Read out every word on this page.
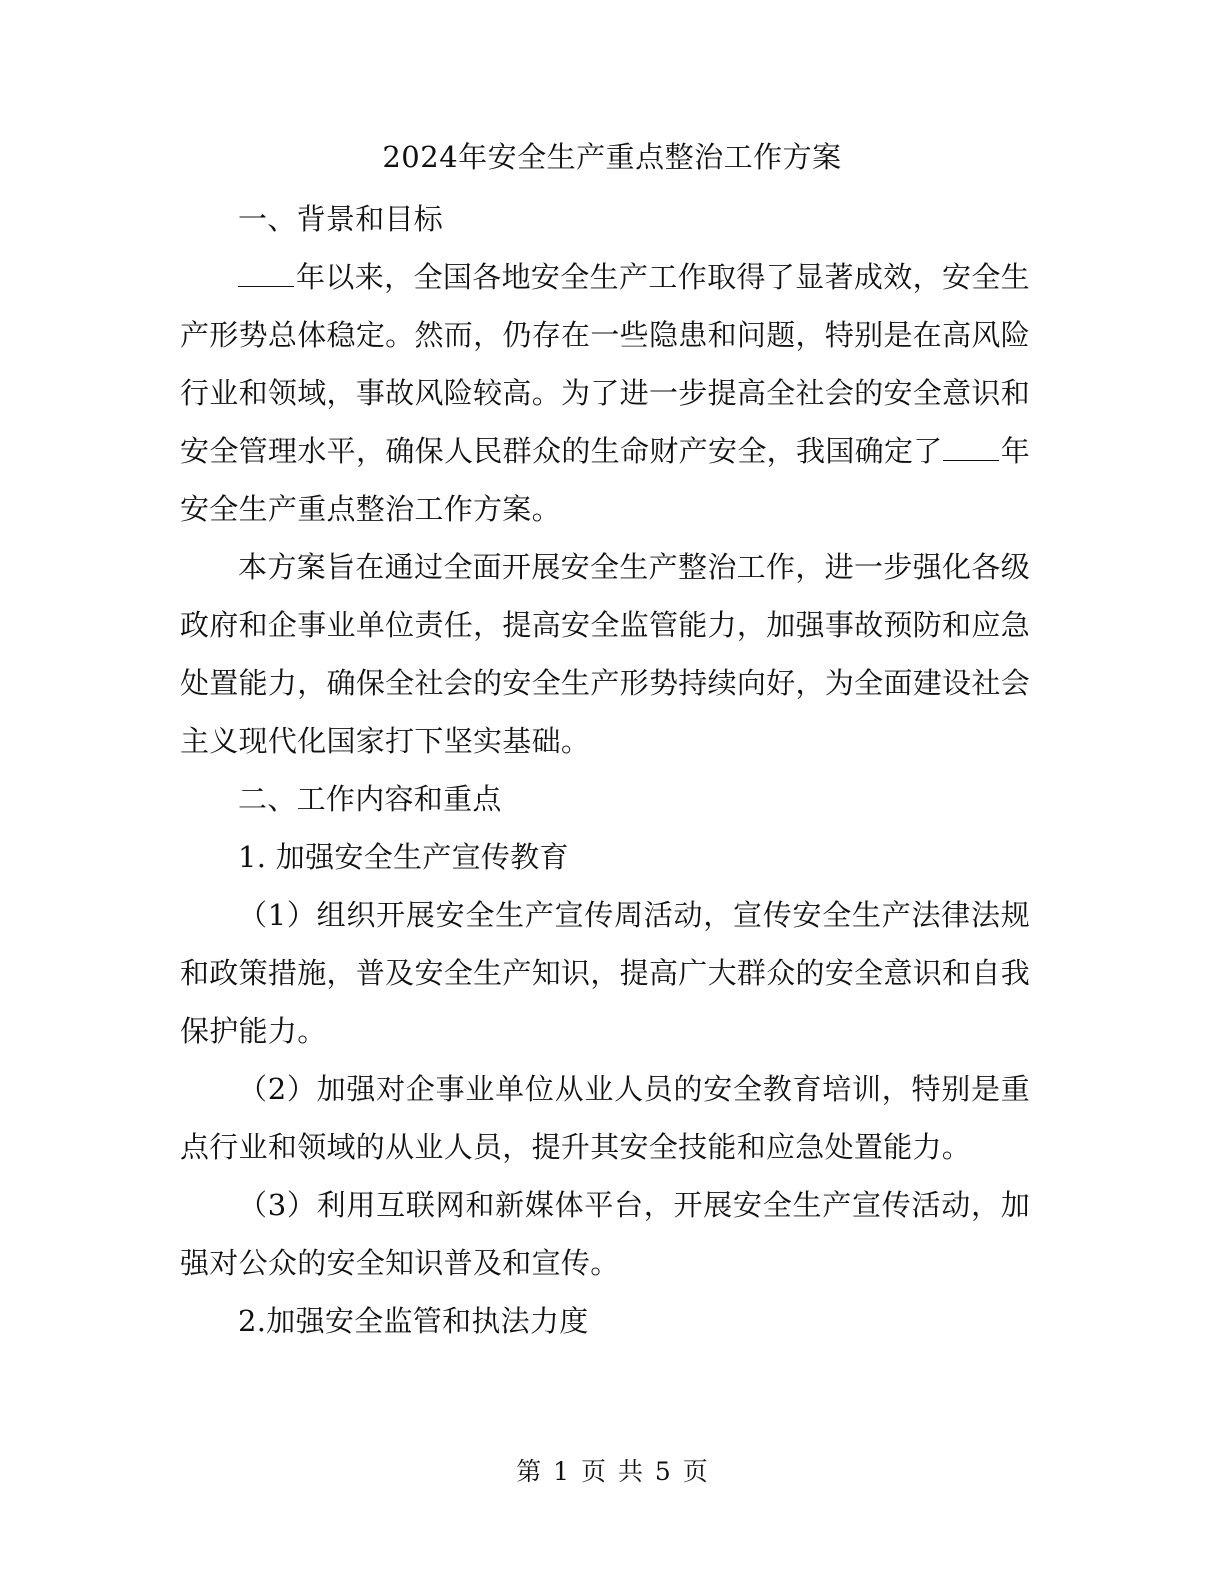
2024年安全生产重点整治工作方案

一、背景和目标

年以来，全国各地安全生产工作取得了显著成效，安全生产形势总体稳定。然而，仍存在一些隐患和问题，特别是在高风险行业和领域，事故风险较高。为了进一步提高全社会的安全意识和安全管理水平，确保人民群众的生命财产安全，我国确定了 年安全生产重点整治工作方案。

本方案旨在通过全面开展安全生产整治工作，进一步强化各级政府和企事业单位责任，提高安全监管能力，加强事故预防和应急处置能力，确保全社会的安全生产形势持续向好，为全面建设社会主义现代化国家打下坚实基础。

二、工作内容和重点

1. 加强安全生产宣传教育

（1）组织开展安全生产宣传周活动，宣传安全生产法律法规和政策措施，普及安全生产知识，提高广大群众的安全意识和自我保护能力。

（2）加强对企事业单位从业人员的安全教育培训，特别是重点行业和领域的从业人员，提升其安全技能和应急处置能力。

（3）利用互联网和新媒体平台，开展安全生产宣传活动，加强对公众的安全知识普及和宣传。

2.加强安全监管和执法力度

第 1 页 共 5 页
